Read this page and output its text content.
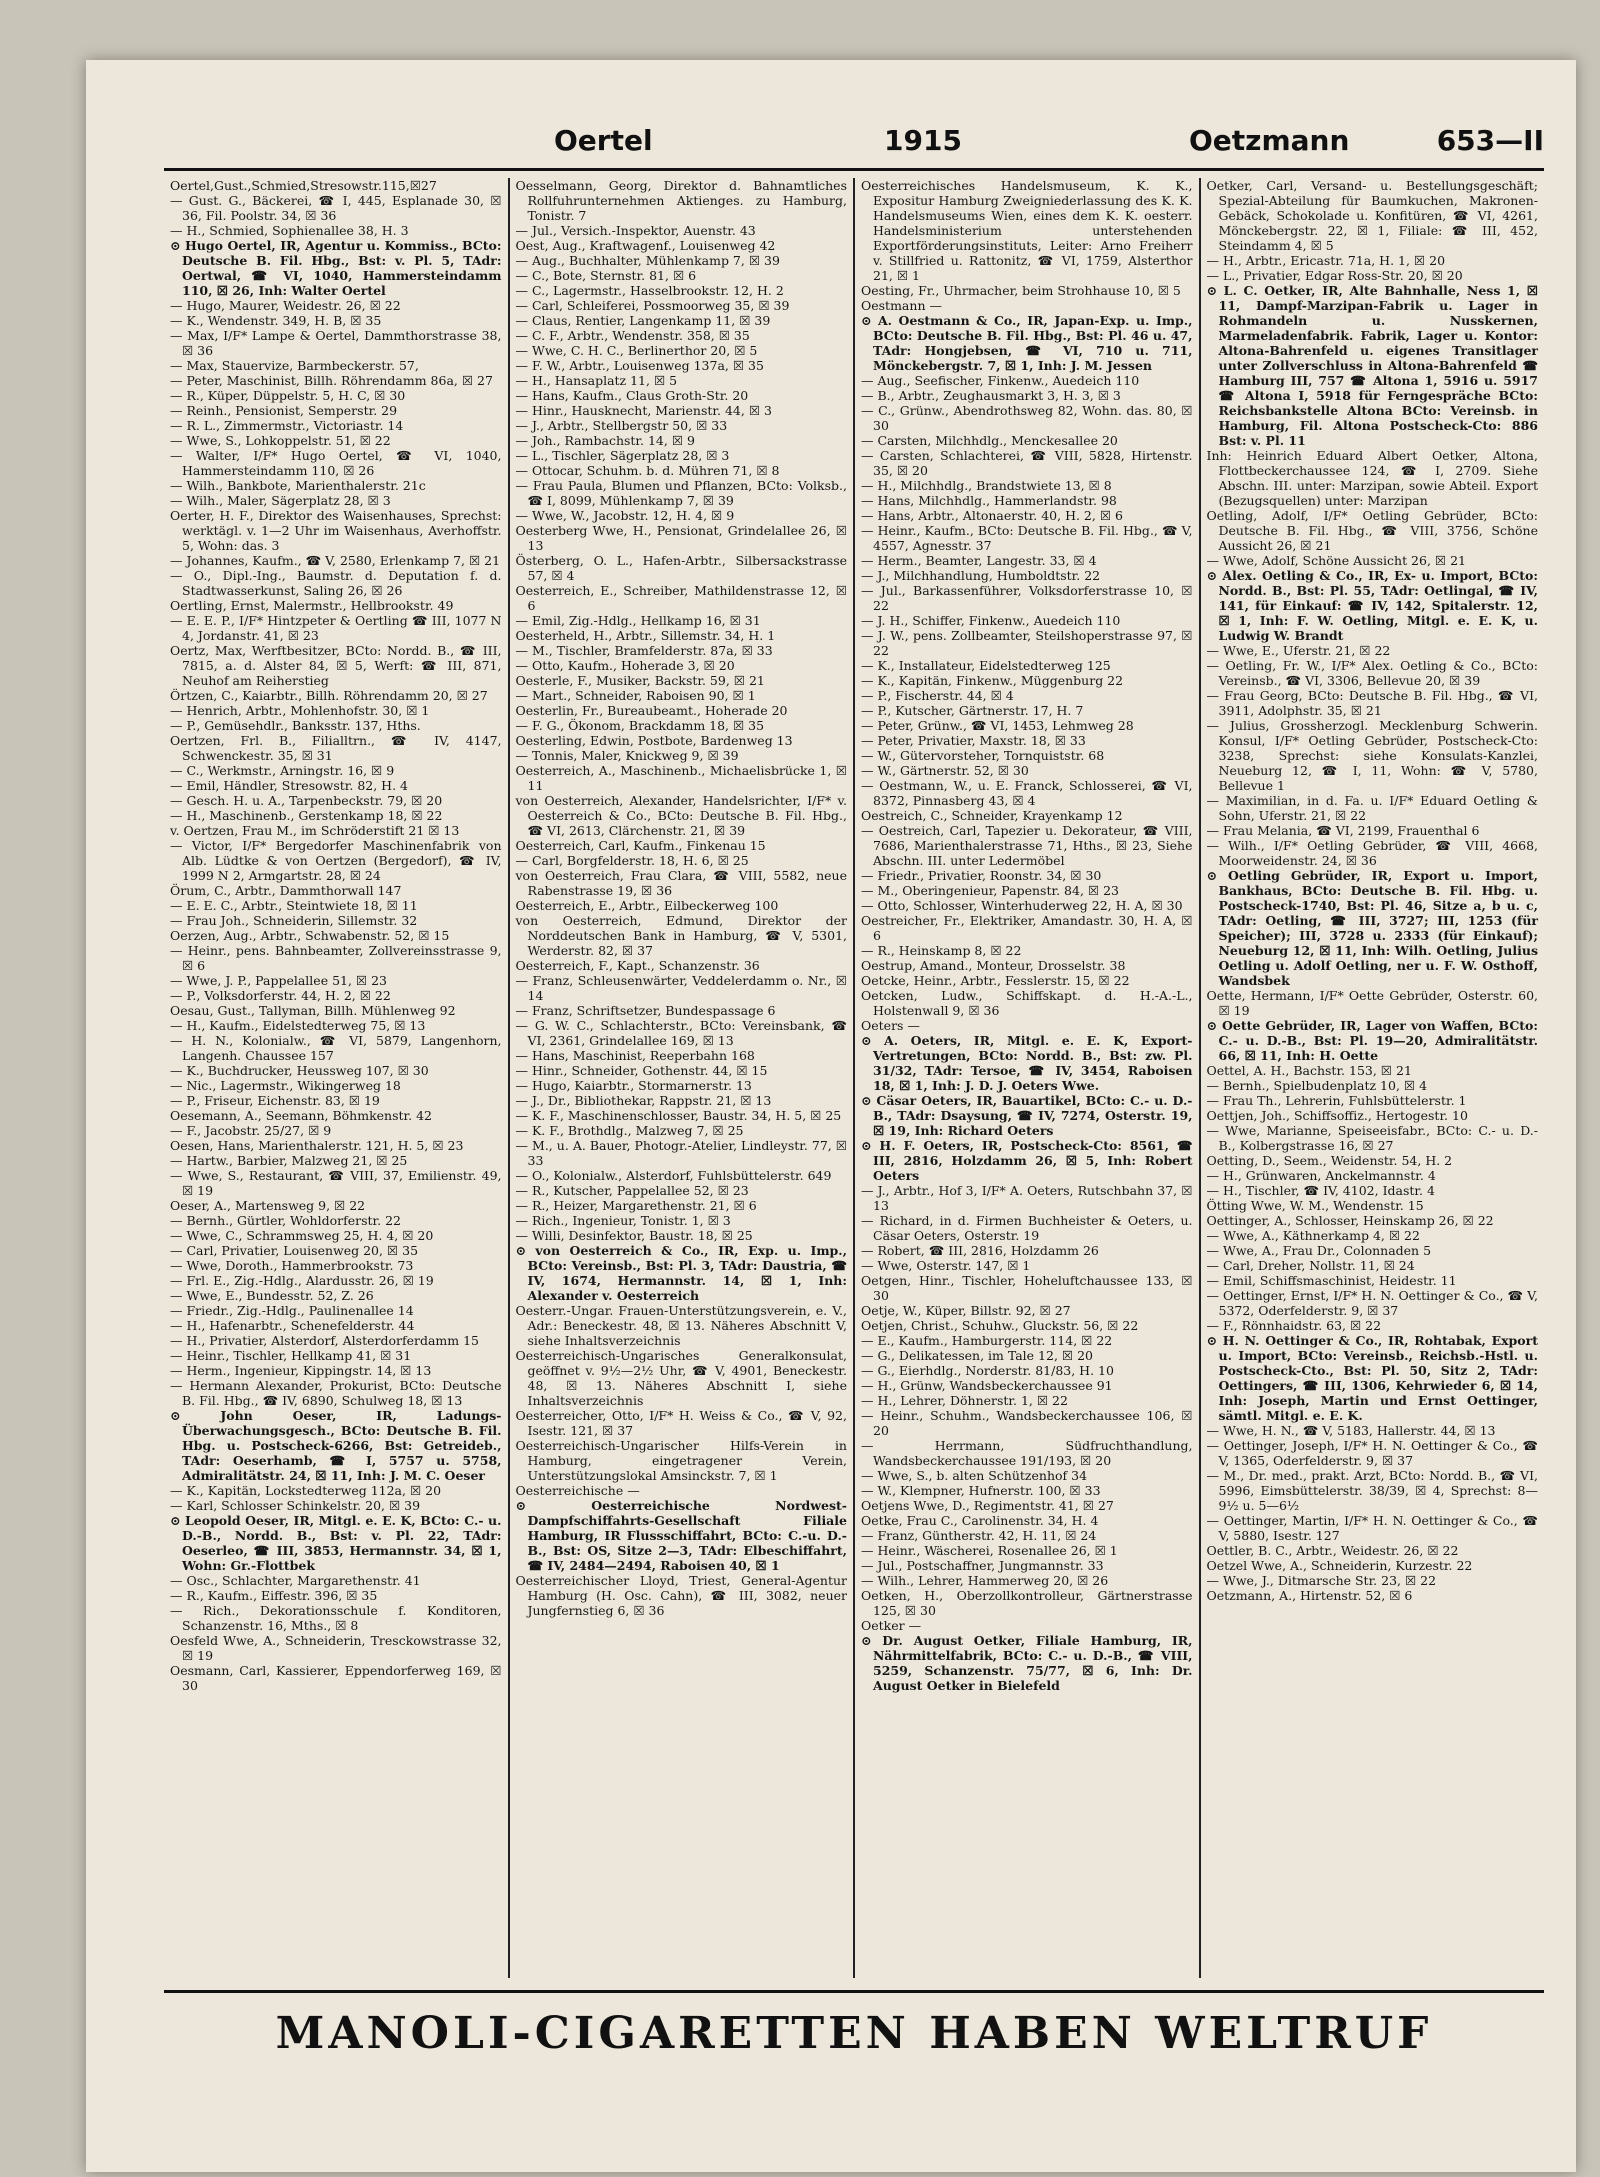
Oertel	1915	Oetzmann	653—II

Oertel,Gust.,Schmied,Stresowstr.115,☒27

— Gust. G., Bäckerei, ☎ I, 445, Esplanade 30, ☒ 36, Fil. Poolstr. 34, ☒ 36

— H., Schmied, Sophienallee 38, H. 3

⊙ Hugo Oertel, IR, Agentur u. Kommiss., BCto: Deutsche B. Fil. Hbg., Bst: v. Pl. 5, TAdr: Oertwal, ☎ VI, 1040, Hammersteindamm 110, ☒ 26, Inh: Walter Oertel

— Hugo, Maurer, Weidestr. 26, ☒ 22

— K., Wendenstr. 349, H. B, ☒ 35

— Max, I/F* Lampe & Oertel, Dammthorstrasse 38, ☒ 36

— Max, Stauervize, Barmbeckerstr. 57,

— Peter, Maschinist, Billh. Röhrendamm 86a, ☒ 27

— R., Küper, Düppelstr. 5, H. C, ☒ 30

— Reinh., Pensionist, Semperstr. 29

— R. L., Zimmermstr., Victoriastr. 14

— Wwe, S., Lohkoppelstr. 51, ☒ 22

— Walter, I/F* Hugo Oertel, ☎ VI, 1040, Hammersteindamm 110, ☒ 26

— Wilh., Bankbote, Marienthalerstr. 21c

— Wilh., Maler, Sägerplatz 28, ☒ 3

Oerter, H. F., Direktor des Waisenhauses, Sprechst: werktägl. v. 1—2 Uhr im Waisenhaus, Averhoffstr. 5, Wohn: das. 3

— Johannes, Kaufm., ☎ V, 2580, Erlenkamp 7, ☒ 21

— O., Dipl.-Ing., Baumstr. d. Deputation f. d. Stadtwasserkunst, Saling 26, ☒ 26

Oertling, Ernst, Malermstr., Hellbrookstr. 49

— E. E. P., I/F* Hintzpeter & Oertling ☎ III, 1077 N 4, Jordanstr. 41, ☒ 23

Oertz, Max, Werftbesitzer, BCto: Nordd. B., ☎ III, 7815, a. d. Alster 84, ☒ 5, Werft: ☎ III, 871, Neuhof am Reiherstieg

Örtzen, C., Kaiarbtr., Billh. Röhrendamm 20, ☒ 27

— Henrich, Arbtr., Mohlenhofstr. 30, ☒ 1

— P., Gemüsehdlr., Banksstr. 137, Hths.

Oertzen, Frl. B., Filialltrn., ☎ IV, 4147, Schwenckestr. 35, ☒ 31

— C., Werkmstr., Arningstr. 16, ☒ 9

— Emil, Händler, Stresowstr. 82, H. 4

— Gesch. H. u. A., Tarpenbeckstr. 79, ☒ 20

— H., Maschinenb., Gerstenkamp 18, ☒ 22

v. Oertzen, Frau M., im Schröderstift 21 ☒ 13

— Victor, I/F* Bergedorfer Maschinenfabrik von Alb. Lüdtke & von Oertzen (Bergedorf), ☎ IV, 1999 N 2, Armgartstr. 28, ☒ 24

Örum, C., Arbtr., Dammthorwall 147

— E. E. C., Arbtr., Steintwiete 18, ☒ 11

— Frau Joh., Schneiderin, Sillemstr. 32

Oerzen, Aug., Arbtr., Schwabenstr. 52, ☒ 15

— Heinr., pens. Bahnbeamter, Zollvereinsstrasse 9, ☒ 6

— Wwe, J. P., Pappelallee 51, ☒ 23

— P., Volksdorferstr. 44, H. 2, ☒ 22

Oesau, Gust., Tallyman, Billh. Mühlenweg 92

— H., Kaufm., Eidelstedterweg 75, ☒ 13

— H. N., Kolonialw., ☎ VI, 5879, Langenhorn, Langenh. Chaussee 157

— K., Buchdrucker, Heussweg 107, ☒ 30

— Nic., Lagermstr., Wikingerweg 18

— P., Friseur, Eichenstr. 83, ☒ 19

Oesemann, A., Seemann, Böhmkenstr. 42

— F., Jacobstr. 25/27, ☒ 9

Oesen, Hans, Marienthalerstr. 121, H. 5, ☒ 23

— Hartw., Barbier, Malzweg 21, ☒ 25

— Wwe, S., Restaurant, ☎ VIII, 37, Emilienstr. 49, ☒ 19

Oeser, A., Martensweg 9, ☒ 22

— Bernh., Gürtler, Wohldorferstr. 22

— Wwe, C., Schrammsweg 25, H. 4, ☒ 20

— Carl, Privatier, Louisenweg 20, ☒ 35

— Wwe, Doroth., Hammerbrookstr. 73

— Frl. E., Zig.-Hdlg., Alardusstr. 26, ☒ 19

— Wwe, E., Bundesstr. 52, Z. 26

— Friedr., Zig.-Hdlg., Paulinenallee 14

— H., Hafenarbtr., Schenefelderstr. 44

— H., Privatier, Alsterdorf, Alsterdorferdamm 15

— Heinr., Tischler, Hellkamp 41, ☒ 31

— Herm., Ingenieur, Kippingstr. 14, ☒ 13

— Hermann Alexander, Prokurist, BCto: Deutsche B. Fil. Hbg., ☎ IV, 6890, Schulweg 18, ☒ 13

⊙ John Oeser, IR, Ladungs-Überwachungsgesch., BCto: Deutsche B. Fil. Hbg. u. Postscheck-6266, Bst: Getreideb., TAdr: Oeserhamb, ☎ I, 5757 u. 5758, Admiralitätstr. 24, ☒ 11, Inh: J. M. C. Oeser

— K., Kapitän, Lockstedterweg 112a, ☒ 20

— Karl, Schlosser Schinkelstr. 20, ☒ 39

⊙ Leopold Oeser, IR, Mitgl. e. E. K, BCto: C.- u. D.-B., Nordd. B., Bst: v. Pl. 22, TAdr: Oeserleo, ☎ III, 3853, Hermannstr. 34, ☒ 1, Wohn: Gr.-Flottbek

— Osc., Schlachter, Margarethenstr. 41

— R., Kaufm., Eiffestr. 396, ☒ 35

— Rich., Dekorationsschule f. Konditoren, Schanzenstr. 16, Mths., ☒ 8

Oesfeld Wwe, A., Schneiderin, Tresckowstrasse 32, ☒ 19

Oesmann, Carl, Kassierer, Eppendorferweg 169, ☒ 30

Oesselmann, Georg, Direktor d. Bahnamtliches Rollfuhrunternehmen Aktienges. zu Hamburg, Tonistr. 7

— Jul., Versich.-Inspektor, Auenstr. 43

Oest, Aug., Kraftwagenf., Louisenweg 42

— Aug., Buchhalter, Mühlenkamp 7, ☒ 39

— C., Bote, Sternstr. 81, ☒ 6

— C., Lagermstr., Hasselbrookstr. 12, H. 2

— Carl, Schleiferei, Possmoorweg 35, ☒ 39

— Claus, Rentier, Langenkamp 11, ☒ 39

— C. F., Arbtr., Wendenstr. 358, ☒ 35

— Wwe, C. H. C., Berlinerthor 20, ☒ 5

— F. W., Arbtr., Louisenweg 137a, ☒ 35

— H., Hansaplatz 11, ☒ 5

— Hans, Kaufm., Claus Groth-Str. 20

— Hinr., Hausknecht, Marienstr. 44, ☒ 3

— J., Arbtr., Stellbergstr 50, ☒ 33

— Joh., Rambachstr. 14, ☒ 9

— L., Tischler, Sägerplatz 28, ☒ 3

— Ottocar, Schuhm. b. d. Mühren 71, ☒ 8

— Frau Paula, Blumen und Pflanzen, BCto: Volksb., ☎ I, 8099, Mühlenkamp 7, ☒ 39

— Wwe, W., Jacobstr. 12, H. 4, ☒ 9

Oesterberg Wwe, H., Pensionat, Grindelallee 26, ☒ 13

Österberg, O. L., Hafen-Arbtr., Silbersackstrasse 57, ☒ 4

Oesterreich, E., Schreiber, Mathildenstrasse 12, ☒ 6

— Emil, Zig.-Hdlg., Hellkamp 16, ☒ 31

Oesterheld, H., Arbtr., Sillemstr. 34, H. 1

— M., Tischler, Bramfelderstr. 87a, ☒ 33

— Otto, Kaufm., Hoherade 3, ☒ 20

Oesterle, F., Musiker, Backstr. 59, ☒ 21

— Mart., Schneider, Raboisen 90, ☒ 1

Oesterlin, Fr., Bureaubeamt., Hoherade 20

— F. G., Ökonom, Brackdamm 18, ☒ 35

Oesterling, Edwin, Postbote, Bardenweg 13

— Tonnis, Maler, Knickweg 9, ☒ 39

Oesterreich, A., Maschinenb., Michaelisbrücke 1, ☒ 11

von Oesterreich, Alexander, Handelsrichter, I/F* v. Oesterreich & Co., BCto: Deutsche B. Fil. Hbg., ☎ VI, 2613, Clärchenstr. 21, ☒ 39

Oesterreich, Carl, Kaufm., Finkenau 15

— Carl, Borgfelderstr. 18, H. 6, ☒ 25

von Oesterreich, Frau Clara, ☎ VIII, 5582, neue Rabenstrasse 19, ☒ 36

Oesterreich, E., Arbtr., Eilbeckerweg 100

von Oesterreich, Edmund, Direktor der Norddeutschen Bank in Hamburg, ☎ V, 5301, Werderstr. 82, ☒ 37

Oesterreich, F., Kapt., Schanzenstr. 36

— Franz, Schleusenwärter, Veddelerdamm o. Nr., ☒ 14

— Franz, Schriftsetzer, Bundespassage 6

— G. W. C., Schlachterstr., BCto: Vereinsbank, ☎ VI, 2361, Grindelallee 169, ☒ 13

— Hans, Maschinist, Reeperbahn 168

— Hinr., Schneider, Gothenstr. 44, ☒ 15

— Hugo, Kaiarbtr., Stormarnerstr. 13

— J., Dr., Bibliothekar, Rappstr. 21, ☒ 13

— K. F., Maschinenschlosser, Baustr. 34, H. 5, ☒ 25

— K. F., Brothdlg., Malzweg 7, ☒ 25

— M., u. A. Bauer, Photogr.-Atelier, Lindleystr. 77, ☒ 33

— O., Kolonialw., Alsterdorf, Fuhlsbüttelerstr. 649

— R., Kutscher, Pappelallee 52, ☒ 23

— R., Heizer, Margarethenstr. 21, ☒ 6

— Rich., Ingenieur, Tonistr. 1, ☒ 3

— Willi, Desinfektor, Baustr. 18, ☒ 25

⊙ von Oesterreich & Co., IR, Exp. u. Imp., BCto: Vereinsb., Bst: Pl. 3, TAdr: Daustria, ☎ IV, 1674, Hermannstr. 14, ☒ 1, Inh: Alexander v. Oesterreich

Oesterr.-Ungar. Frauen-Unterstützungsverein, e. V., Adr.: Beneckestr. 48, ☒ 13. Näheres Abschnitt V, siehe Inhaltsverzeichnis

Oesterreichisch-Ungarisches Generalkonsulat, geöffnet v. 9½—2½ Uhr, ☎ V, 4901, Beneckestr. 48, ☒ 13. Näheres Abschnitt I, siehe Inhaltsverzeichnis

Oesterreicher, Otto, I/F* H. Weiss & Co., ☎ V, 92, Isestr. 121, ☒ 37

Oesterreichisch-Ungarischer Hilfs-Verein in Hamburg, eingetragener Verein, Unterstützungslokal Amsinckstr. 7, ☒ 1

Oesterreichische —

⊙ Oesterreichische Nordwest-Dampfschiffahrts-Gesellschaft Filiale Hamburg, IR Flussschiffahrt, BCto: C.-u. D.-B., Bst: OS, Sitze 2—3, TAdr: Elbeschiffahrt, ☎ IV, 2484—2494, Raboisen 40, ☒ 1

Oesterreichischer Lloyd, Triest, General-Agentur Hamburg (H. Osc. Cahn), ☎ III, 3082, neuer Jungfernstieg 6, ☒ 36

Oesterreichisches Handelsmuseum, K. K., Expositur Hamburg Zweigniederlassung des K. K. Handelsmuseums Wien, eines dem K. K. oesterr. Handelsministerium unterstehenden Exportförderungsinstituts, Leiter: Arno Freiherr v. Stillfried u. Rattonitz, ☎ VI, 1759, Alsterthor 21, ☒ 1

Oesting, Fr., Uhrmacher, beim Strohhause 10, ☒ 5

Oestmann —

⊙ A. Oestmann & Co., IR, Japan-Exp. u. Imp., BCto: Deutsche B. Fil. Hbg., Bst: Pl. 46 u. 47, TAdr: Hongjebsen, ☎ VI, 710 u. 711, Mönckebergstr. 7, ☒ 1, Inh: J. M. Jessen

— Aug., Seefischer, Finkenw., Auedeich 110

— B., Arbtr., Zeughausmarkt 3, H. 3, ☒ 3

— C., Grünw., Abendrothsweg 82, Wohn. das. 80, ☒ 30

— Carsten, Milchhdlg., Menckesallee 20

— Carsten, Schlachterei, ☎ VIII, 5828, Hirtenstr. 35, ☒ 20

— H., Milchhdlg., Brandstwiete 13, ☒ 8

— Hans, Milchhdlg., Hammerlandstr. 98

— Hans, Arbtr., Altonaerstr. 40, H. 2, ☒ 6

— Heinr., Kaufm., BCto: Deutsche B. Fil. Hbg., ☎ V, 4557, Agnesstr. 37

— Herm., Beamter, Langestr. 33, ☒ 4

— J., Milchhandlung, Humboldtstr. 22

— Jul., Barkassenführer, Volksdorferstrasse 10, ☒ 22

— J. H., Schiffer, Finkenw., Auedeich 110

— J. W., pens. Zollbeamter, Steilshoperstrasse 97, ☒ 22

— K., Installateur, Eidelstedterweg 125

— K., Kapitän, Finkenw., Müggenburg 22

— P., Fischerstr. 44, ☒ 4

— P., Kutscher, Gärtnerstr. 17, H. 7

— Peter, Grünw., ☎ VI, 1453, Lehmweg 28

— Peter, Privatier, Maxstr. 18, ☒ 33

— W., Gütervorsteher, Tornquiststr. 68

— W., Gärtnerstr. 52, ☒ 30

— Oestmann, W., u. E. Franck, Schlosserei, ☎ VI, 8372, Pinnasberg 43, ☒ 4

Oestreich, C., Schneider, Krayenkamp 12

— Oestreich, Carl, Tapezier u. Dekorateur, ☎ VIII, 7686, Marienthalerstrasse 71, Hths., ☒ 23, Siehe Abschn. III. unter Ledermöbel

— Friedr., Privatier, Roonstr. 34, ☒ 30

— M., Oberingenieur, Papenstr. 84, ☒ 23

— Otto, Schlosser, Winterhuderweg 22, H. A, ☒ 30

Oestreicher, Fr., Elektriker, Amandastr. 30, H. A, ☒ 6

— R., Heinskamp 8, ☒ 22

Oestrup, Amand., Monteur, Drosselstr. 38

Oetcke, Heinr., Arbtr., Fesslerstr. 15, ☒ 22

Oetcken, Ludw., Schiffskapt. d. H.-A.-L., Holstenwall 9, ☒ 36

Oeters —

⊙ A. Oeters, IR, Mitgl. e. E. K, Export-Vertretungen, BCto: Nordd. B., Bst: zw. Pl. 31/32, TAdr: Tersoe, ☎ IV, 3454, Raboisen 18, ☒ 1, Inh: J. D. J. Oeters Wwe.

⊙ Cäsar Oeters, IR, Bauartikel, BCto: C.- u. D.-B., TAdr: Dsaysung, ☎ IV, 7274, Osterstr. 19, ☒ 19, Inh: Richard Oeters

⊙ H. F. Oeters, IR, Postscheck-Cto: 8561, ☎ III, 2816, Holzdamm 26, ☒ 5, Inh: Robert Oeters

— J., Arbtr., Hof 3, I/F* A. Oeters, Rutschbahn 37, ☒ 13

— Richard, in d. Firmen Buchheister & Oeters, u. Cäsar Oeters, Osterstr. 19

— Robert, ☎ III, 2816, Holzdamm 26

— Wwe, Osterstr. 147, ☒ 1

Oetgen, Hinr., Tischler, Hoheluftchaussee 133, ☒ 30

Oetje, W., Küper, Billstr. 92, ☒ 27

Oetjen, Christ., Schuhw., Gluckstr. 56, ☒ 22

— E., Kaufm., Hamburgerstr. 114, ☒ 22

— G., Delikatessen, im Tale 12, ☒ 20

— G., Eierhdlg., Norderstr. 81/83, H. 10

— H., Grünw, Wandsbeckerchaussee 91

— H., Lehrer, Döhnerstr. 1, ☒ 22

— Heinr., Schuhm., Wandsbeckerchaussee 106, ☒ 20

— Herrmann, Südfruchthandlung, Wandsbeckerchaussee 191/193, ☒ 20

— Wwe, S., b. alten Schützenhof 34

— W., Klempner, Hufnerstr. 100, ☒ 33

Oetjens Wwe, D., Regimentstr. 41, ☒ 27

Oetke, Frau C., Carolinenstr. 34, H. 4

— Franz, Güntherstr. 42, H. 11, ☒ 24

— Heinr., Wäscherei, Rosenallee 26, ☒ 1

— Jul., Postschaffner, Jungmannstr. 33

— Wilh., Lehrer, Hammerweg 20, ☒ 26

Oetken, H., Oberzollkontrolleur, Gärtnerstrasse 125, ☒ 30

Oetker —

⊙ Dr. August Oetker, Filiale Hamburg, IR, Nährmittelfabrik, BCto: C.- u. D.-B., ☎ VIII, 5259, Schanzenstr. 75/77, ☒ 6, Inh: Dr. August Oetker in Bielefeld

Oetker, Carl, Versand- u. Bestellungsgeschäft; Spezial-Abteilung für Baumkuchen, Makronen-Gebäck, Schokolade u. Konfitüren, ☎ VI, 4261, Mönckebergstr. 22, ☒ 1, Filiale: ☎ III, 452, Steindamm 4, ☒ 5

— H., Arbtr., Ericastr. 71a, H. 1, ☒ 20

— L., Privatier, Edgar Ross-Str. 20, ☒ 20

⊙ L. C. Oetker, IR, Alte Bahnhalle, Ness 1, ☒ 11, Dampf-Marzipan-Fabrik u. Lager in Rohmandeln u. Nusskernen, Marmeladenfabrik. Fabrik, Lager u. Kontor: Altona-Bahrenfeld u. eigenes Transitlager unter Zollverschluss in Altona-Bahrenfeld ☎ Hamburg III, 757 ☎ Altona 1, 5916 u. 5917 ☎ Altona I, 5918 für Ferngespräche BCto: Reichsbankstelle Altona BCto: Vereinsb. in Hamburg, Fil. Altona Postscheck-Cto: 886 Bst: v. Pl. 11

Inh: Heinrich Eduard Albert Oetker, Altona, Flottbeckerchaussee 124, ☎ I, 2709. Siehe Abschn. III. unter: Marzipan, sowie Abteil. Export (Bezugsquellen) unter: Marzipan

Oetling, Adolf, I/F* Oetling Gebrüder, BCto: Deutsche B. Fil. Hbg., ☎ VIII, 3756, Schöne Aussicht 26, ☒ 21

— Wwe, Adolf, Schöne Aussicht 26, ☒ 21

⊙ Alex. Oetling & Co., IR, Ex- u. Import, BCto: Nordd. B., Bst: Pl. 55, TAdr: Oetlingal, ☎ IV, 141, für Einkauf: ☎ IV, 142, Spitalerstr. 12, ☒ 1, Inh: F. W. Oetling, Mitgl. e. E. K, u. Ludwig W. Brandt

— Wwe, E., Uferstr. 21, ☒ 22

— Oetling, Fr. W., I/F* Alex. Oetling & Co., BCto: Vereinsb., ☎ VI, 3306, Bellevue 20, ☒ 39

— Frau Georg, BCto: Deutsche B. Fil. Hbg., ☎ VI, 3911, Adolphstr. 35, ☒ 21

— Julius, Grossherzogl. Mecklenburg Schwerin. Konsul, I/F* Oetling Gebrüder, Postscheck-Cto: 3238, Sprechst: siehe Konsulats-Kanzlei, Neueburg 12, ☎ I, 11, Wohn: ☎ V, 5780, Bellevue 1

— Maximilian, in d. Fa. u. I/F* Eduard Oetling & Sohn, Uferstr. 21, ☒ 22

— Frau Melania, ☎ VI, 2199, Frauenthal 6

— Wilh., I/F* Oetling Gebrüder, ☎ VIII, 4668, Moorweidenstr. 24, ☒ 36

⊙ Oetling Gebrüder, IR, Export u. Import, Bankhaus, BCto: Deutsche B. Fil. Hbg. u. Postscheck-1740, Bst: Pl. 46, Sitze a, b u. c, TAdr: Oetling, ☎ III, 3727; III, 1253 (für Speicher); III, 3728 u. 2333 (für Einkauf); Neueburg 12, ☒ 11, Inh: Wilh. Oetling, Julius Oetling u. Adolf Oetling, ner u. F. W. Osthoff, Wandsbek

Oette, Hermann, I/F* Oette Gebrüder, Osterstr. 60, ☒ 19

⊙ Oette Gebrüder, IR, Lager von Waffen, BCto: C.- u. D.-B., Bst: Pl. 19—20, Admiralitätstr. 66, ☒ 11, Inh: H. Oette

Oettel, A. H., Bachstr. 153, ☒ 21

— Bernh., Spielbudenplatz 10, ☒ 4

— Frau Th., Lehrerin, Fuhlsbüttelerstr. 1

Oettjen, Joh., Schiffsoffiz., Hertogestr. 10

— Wwe, Marianne, Speiseeisfabr., BCto: C.- u. D.-B., Kolbergstrasse 16, ☒ 27

Oetting, D., Seem., Weidenstr. 54, H. 2

— H., Grünwaren, Anckelmannstr. 4

— H., Tischler, ☎ IV, 4102, Idastr. 4

Ötting Wwe, W. M., Wendenstr. 15

Oettinger, A., Schlosser, Heinskamp 26, ☒ 22

— Wwe, A., Käthnerkamp 4, ☒ 22

— Wwe, A., Frau Dr., Colonnaden 5

— Carl, Dreher, Nollstr. 11, ☒ 24

— Emil, Schiffsmaschinist, Heidestr. 11

— Oettinger, Ernst, I/F* H. N. Oettinger & Co., ☎ V, 5372, Oderfelderstr. 9, ☒ 37

— F., Rönnhaidstr. 63, ☒ 22

⊙ H. N. Oettinger & Co., IR, Rohtabak, Export u. Import, BCto: Vereinsb., Reichsb.-Hstl. u. Postscheck-Cto., Bst: Pl. 50, Sitz 2, TAdr: Oettingers, ☎ III, 1306, Kehrwieder 6, ☒ 14, Inh: Joseph, Martin und Ernst Oettinger, sämtl. Mitgl. e. E. K.

— Wwe, H. N., ☎ V, 5183, Hallerstr. 44, ☒ 13

— Oettinger, Joseph, I/F* H. N. Oettinger & Co., ☎ V, 1365, Oderfelderstr. 9, ☒ 37

— M., Dr. med., prakt. Arzt, BCto: Nordd. B., ☎ VI, 5996, Eimsbüttelerstr. 38/39, ☒ 4, Sprechst: 8—9½ u. 5—6½

— Oettinger, Martin, I/F* H. N. Oettinger & Co., ☎ V, 5880, Isestr. 127

Oettler, B. C., Arbtr., Weidestr. 26, ☒ 22

Oetzel Wwe, A., Schneiderin, Kurzestr. 22

— Wwe, J., Ditmarsche Str. 23, ☒ 22

Oetzmann, A., Hirtenstr. 52, ☒ 6

MANOLI-CIGARETTEN HABEN WELTRUF
